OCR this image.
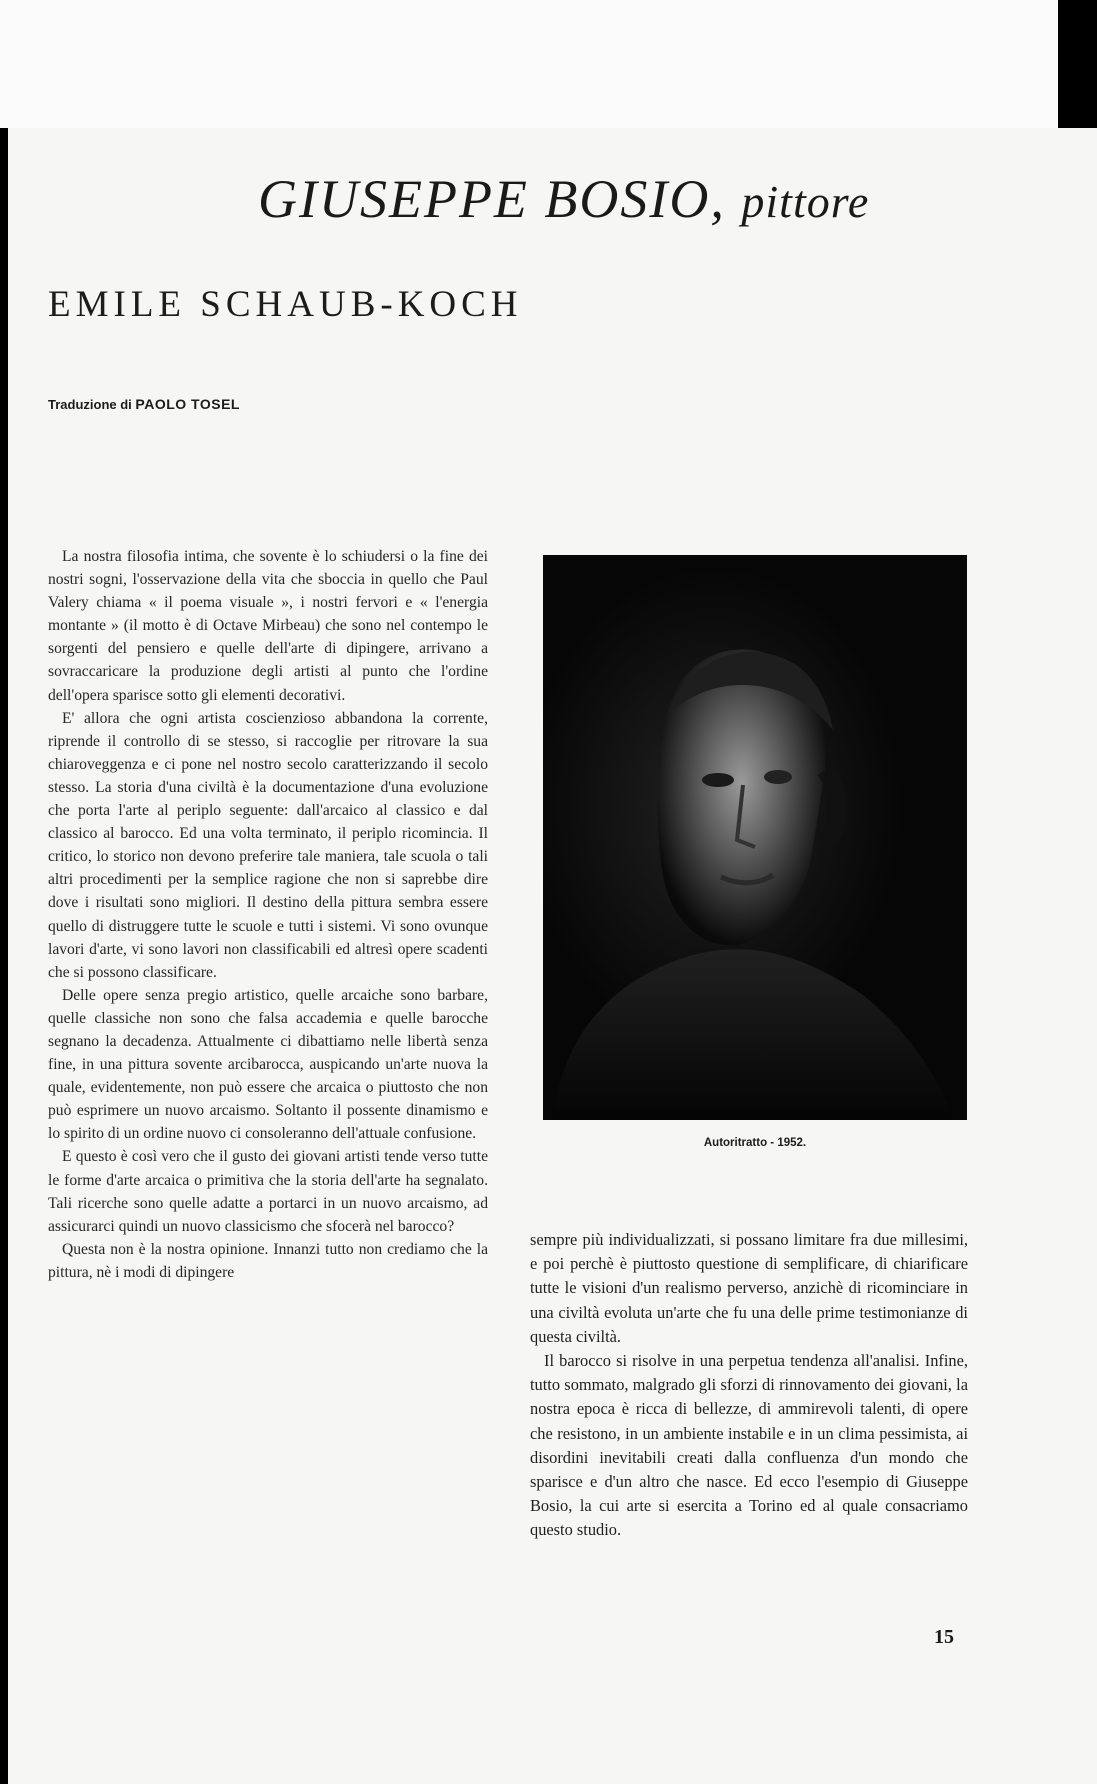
GIUSEPPE BOSIO, pittore
EMILE SCHAUB-KOCH
Traduzione di PAOLO TOSEL

La nostra filosofia intima, che sovente è lo schiudersi o la fine dei nostri sogni, l'osservazione della vita che sboccia in quello che Paul Valery chiama « il poema visuale », i nostri fervori e « l'energia montante » (il motto è di Octave Mirbeau) che sono nel contempo le sorgenti del pensiero e quelle dell'arte di dipingere, arrivano a sovraccaricare la produzione degli artisti al punto che l'ordine dell'opera sparisce sotto gli elementi decorativi.

E' allora che ogni artista coscienzioso abbandona la corrente, riprende il controllo di se stesso, si raccoglie per ritrovare la sua chiaroveggenza e ci pone nel nostro secolo caratterizzando il secolo stesso. La storia d'una civiltà è la documentazione d'una evoluzione che porta l'arte al periplo seguente: dall'arcaico al classico e dal classico al barocco. Ed una volta terminato, il periplo ricomincia. Il critico, lo storico non devono preferire tale maniera, tale scuola o tali altri procedimenti per la semplice ragione che non si saprebbe dire dove i risultati sono migliori. Il destino della pittura sembra essere quello di distruggere tutte le scuole e tutti i sistemi. Vi sono ovunque lavori d'arte, vi sono lavori non classificabili ed altresì opere scadenti che si possono classificare.

Delle opere senza pregio artistico, quelle arcaiche sono barbare, quelle classiche non sono che falsa accademia e quelle barocche segnano la decadenza. Attualmente ci dibattiamo nelle libertà senza fine, in una pittura sovente arcibarocca, auspicando un'arte nuova la quale, evidentemente, non può essere che arcaica o piuttosto che non può esprimere un nuovo arcaismo. Soltanto il possente dinamismo e lo spirito di un ordine nuovo ci consoleranno dell'attuale confusione.

E questo è così vero che il gusto dei giovani artisti tende verso tutte le forme d'arte arcaica o primitiva che la storia dell'arte ha segnalato. Tali ricerche sono quelle adatte a portarci in un nuovo arcaismo, ad assicurarci quindi un nuovo classicismo che sfocerà nel barocco?

Questa non è la nostra opinione. Innanzi tutto non crediamo che la pittura, nè i modi di dipingere

Autoritratto - 1952.

sempre più individualizzati, si possano limitare fra due millesimi, e poi perchè è piuttosto questione di semplificare, di chiarificare tutte le visioni d'un realismo perverso, anzichè di ricominciare in una civiltà evoluta un'arte che fu una delle prime testimonianze di questa civiltà.

Il barocco si risolve in una perpetua tendenza all'analisi. Infine, tutto sommato, malgrado gli sforzi di rinnovamento dei giovani, la nostra epoca è ricca di bellezze, di ammirevoli talenti, di opere che resistono, in un ambiente instabile e in un clima pessimista, ai disordini inevitabili creati dalla confluenza d'un mondo che sparisce e d'un altro che nasce. Ed ecco l'esempio di Giuseppe Bosio, la cui arte si esercita a Torino ed al quale consacriamo questo studio.

15
